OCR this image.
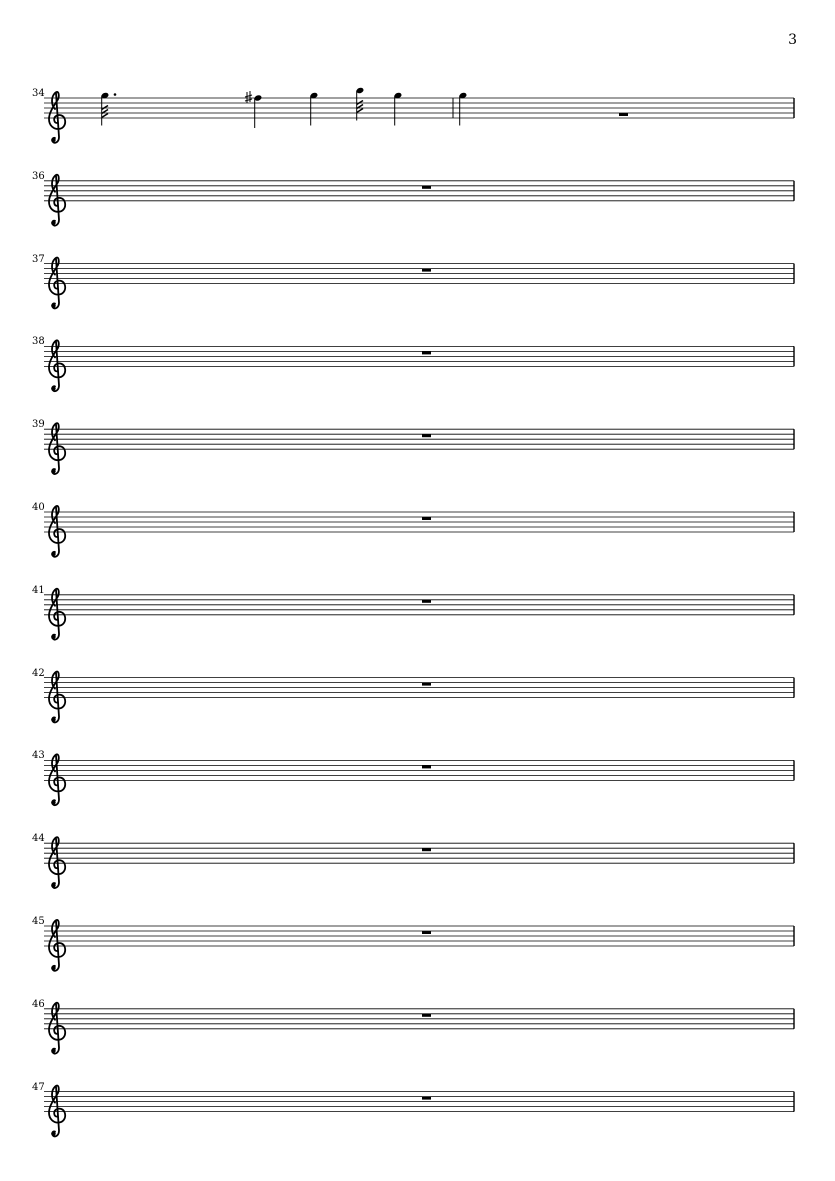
3
34
36
37
38
39
40
41
42
43
44
45
46
47
